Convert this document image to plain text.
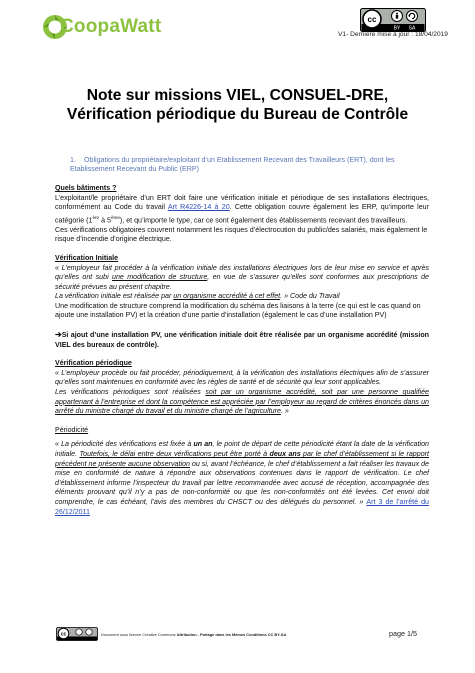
CoopaWatt	cc
BY SA
V1- Dernière mise à jour : 18/04/2019
Note sur missions VIEL, CONSUEL-DRE,
Vérification périodique du Bureau de Contrôle
1. Obligations du propriétaire/exploitant d’un Etablissement Recevant des Travailleurs (ERT), dont les Etablissement Recevant du Public (ERP)

Quels bâtiments ?

L’exploitant/le propriétaire d’un ERT doit faire une vérification initiale et périodique de ses installations électriques, conformément au Code du travail Art R4226-14 à 20. Cette obligation couvre également les ERP, qu’importe leur catégorie (1ère à 5ème), et qu’importe le type, car ce sont également des établissements recevant des travailleurs.

Ces vérifications obligatoires couvrent notamment les risques d’électrocution du public/des salariés, mais également le risque d’incendie d’origine électrique.

Vérification Initiale

« L’employeur fait procéder à la vérification initiale des installations électriques lors de leur mise en service et après qu’elles ont subi une modification de structure, en vue de s’assurer qu’elles sont conformes aux prescriptions de sécurité prévues au présent chapitre.

La vérification initiale est réalisée par un organisme accrédité à cet effet. » Code du Travail

Une modification de structure comprend la modification du schéma des liaisons à la terre (ce qui est le cas quand on ajoute une installation PV) et la création d’une partie d’installation (également le cas d’une installation PV)

➔Si ajout d’une installation PV, une vérification initiale doit être réalisée par un organisme accrédité (mission VIEL des bureaux de contrôle).

Vérification périodique

« L’employeur procède ou fait procéder, périodiquement, à la vérification des installations électriques afin de s’assurer qu’elles sont maintenues en conformité avec les règles de santé et de sécurité qui leur sont applicables.

Les vérifications périodiques sont réalisées soit par un organisme accrédité, soit par une personne qualifiée appartenant à l’entreprise et dont la compétence est appréciée par l’employeur au regard de critères énoncés dans un arrêté du ministre chargé du travail et du ministre chargé de l’agriculture. »

Périodicité

« La périodicité des vérifications est fixée à un an, le point de départ de cette périodicité étant la date de la vérification initiale. Toutefois, le délai entre deux vérifications peut être porté à deux ans par le chef d’établissement si le rapport précédent ne présente aucune observation ou si, avant l’échéance, le chef d’établissement a fait réaliser les travaux de mise en conformité de nature à répondre aux observations contenues dans le rapport de vérification. Le chef d’établissement informe l’inspecteur du travail par lettre recommandée avec accusé de réception, accompagnée des éléments prouvant qu’il n’y a pas de non-conformité ou que les non-conformités ont été levées. Cet envoi doit comprendre, le cas échéant, l’avis des membres du CHSCT ou des délégués du personnel. » Art 3 de l’arrêté du 26/12/2011

cc	Document sous licence Créative Commons Attribution - Partage dans les Mêmes Conditions CC BY-SA	page 1/5
